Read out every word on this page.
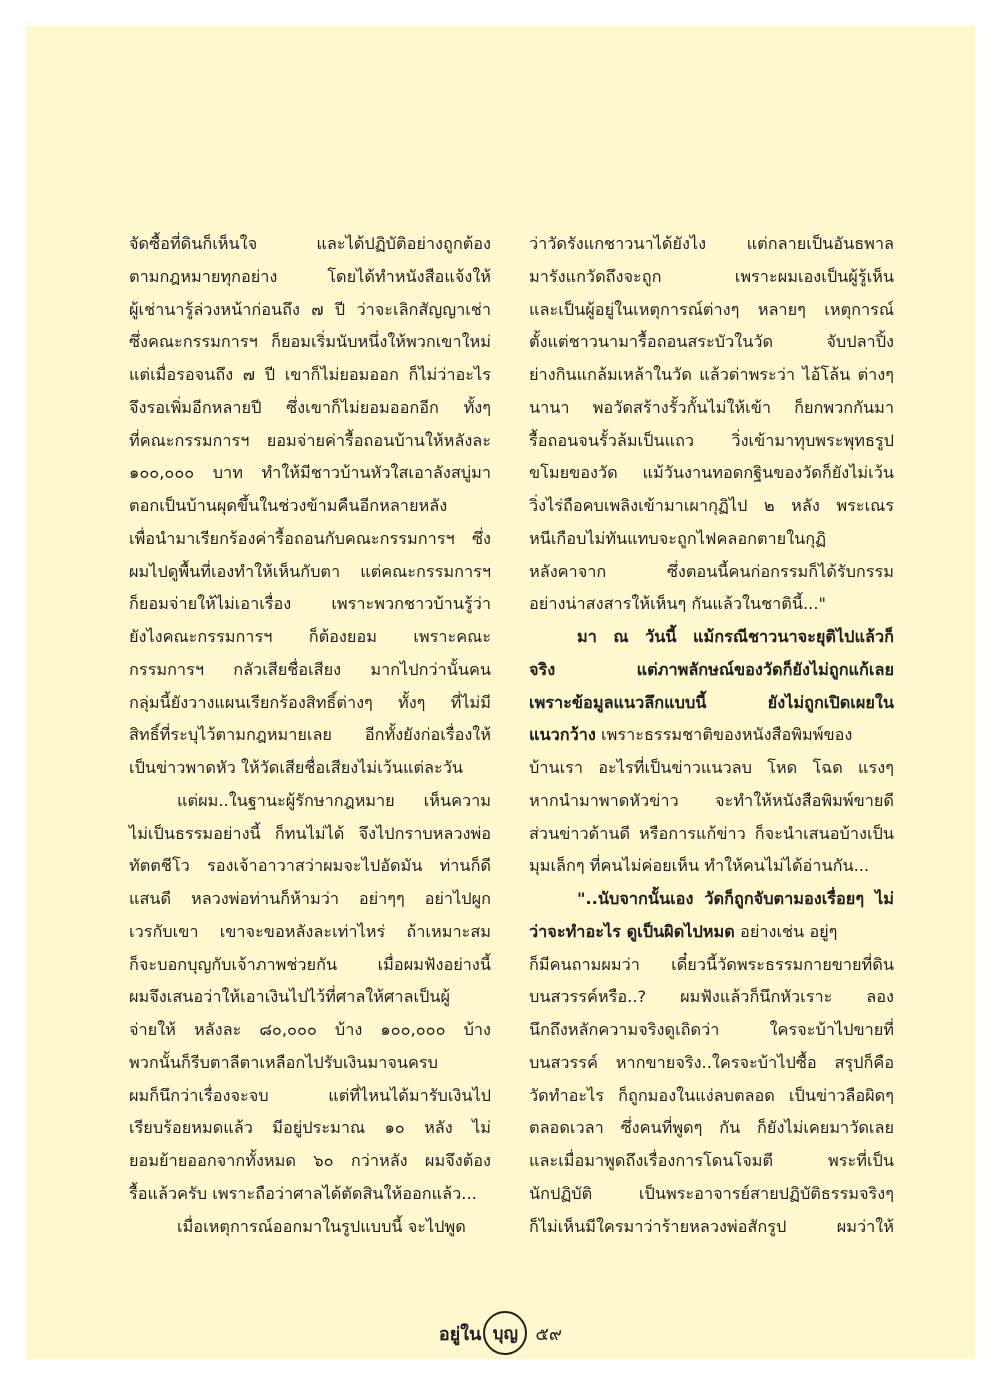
จัดซื้อที่ดินก็เห็นใจ และได้ปฏิบัติอย่างถูกต้อง
ตามกฎหมายทุกอย่าง โดยได้ทำหนังสือแจ้งให้
ผู้เช่านารู้ล่วงหน้าก่อนถึง ๗ ปี ว่าจะเลิกสัญญาเช่า
ซึ่งคณะกรรมการฯ ก็ยอมเริ่มนับหนึ่งให้พวกเขาใหม่
แต่เมื่อรอจนถึง ๗ ปี เขาก็ไม่ยอมออก ก็ไม่ว่าอะไร
จึงรอเพิ่มอีกหลายปี ซึ่งเขาก็ไม่ยอมออกอีก ทั้งๆ
ที่คณะกรรมการฯ ยอมจ่ายค่ารื้อถอนบ้านให้หลังละ
๑๐๐,๐๐๐ บาท ทำให้มีชาวบ้านหัวใสเอาลังสบู่มา
ตอกเป็นบ้านผุดขึ้นในช่วงข้ามคืนอีกหลายหลัง
เพื่อนำมาเรียกร้องค่ารื้อถอนกับคณะกรรมการฯ ซึ่ง
ผมไปดูพื้นที่เองทำให้เห็นกับตา แต่คณะกรรมการฯ
ก็ยอมจ่ายให้ไม่เอาเรื่อง เพราะพวกชาวบ้านรู้ว่า
ยังไงคณะกรรมการฯ ก็ต้องยอม เพราะคณะ
กรรมการฯ กลัวเสียชื่อเสียง มากไปกว่านั้นคน
กลุ่มนี้ยังวางแผนเรียกร้องสิทธิ์ต่างๆ ทั้งๆ ที่ไม่มี
สิทธิ์ที่ระบุไว้ตามกฎหมายเลย อีกทั้งยังก่อเรื่องให้
เป็นข่าวพาดหัว ให้วัดเสียชื่อเสียงไม่เว้นแต่ละวัน
แต่ผม..ในฐานะผู้รักษากฎหมาย เห็นความ
ไม่เป็นธรรมอย่างนี้ ก็ทนไม่ได้ จึงไปกราบหลวงพ่อ
ทัตตชีโว รองเจ้าอาวาสว่าผมจะไปอัดมัน ท่านก็ดี
แสนดี หลวงพ่อท่านก็ห้ามว่า อย่าๆๆ อย่าไปผูก
เวรกับเขา เขาจะขอหลังละเท่าไหร่ ถ้าเหมาะสม
ก็จะบอกบุญกับเจ้าภาพช่วยกัน เมื่อผมฟังอย่างนี้
ผมจึงเสนอว่าให้เอาเงินไปไว้ที่ศาลให้ศาลเป็นผู้
จ่ายให้ หลังละ ๘๐,๐๐๐ บ้าง ๑๐๐,๐๐๐ บ้าง
พวกนั้นก็รีบตาลีตาเหลือกไปรับเงินมาจนครบ
ผมก็นึกว่าเรื่องจะจบ แต่ที่ไหนได้มารับเงินไป
เรียบร้อยหมดแล้ว มีอยู่ประมาณ ๑๐ หลัง ไม่
ยอมย้ายออกจากทั้งหมด ๖๐ กว่าหลัง ผมจึงต้อง
รื้อแล้วครับ เพราะถือว่าศาลได้ตัดสินให้ออกแล้ว...
เมื่อเหตุการณ์ออกมาในรูปแบบนี้ จะไปพูด
ว่าวัดรังแกชาวนาได้ยังไง แต่กลายเป็นอันธพาล
มารังแกวัดถึงจะถูก เพราะผมเองเป็นผู้รู้เห็น
และเป็นผู้อยู่ในเหตุการณ์ต่างๆ หลายๆ เหตุการณ์
ตั้งแต่ชาวนามารื้อถอนสระบัวในวัด จับปลาปิ้ง
ย่างกินแกล้มเหล้าในวัด แล้วด่าพระว่า ไอ้โล้น ต่างๆ
นานา พอวัดสร้างรั้วกั้นไม่ให้เข้า ก็ยกพวกกันมา
รื้อถอนจนรั้วล้มเป็นแถว วิ่งเข้ามาทุบพระพุทธรูป
ขโมยของวัด แม้วันงานทอดกฐินของวัดก็ยังไม่เว้น
วิ่งไร่ถือคบเพลิงเข้ามาเผากุฏิไป ๒ หลัง พระเณร
หนีเกือบไม่ทันแทบจะถูกไฟคลอกตายในกุฏิ
หลังคาจาก ซึ่งตอนนี้คนก่อกรรมก็ได้รับกรรม
อย่างน่าสงสารให้เห็นๆ กันแล้วในชาตินี้..."
มา ณ วันนี้ แม้กรณีชาวนาจะยุติไปแล้วก็
จริง แต่ภาพลักษณ์ของวัดก็ยังไม่ถูกแก้เลย
เพราะข้อมูลแนวลึกแบบนี้ ยังไม่ถูกเปิดเผยใน
แนวกว้าง เพราะธรรมชาติของหนังสือพิมพ์ของ
บ้านเรา อะไรที่เป็นข่าวแนวลบ โหด โฉด แรงๆ
หากนำมาพาดหัวข่าว จะทำให้หนังสือพิมพ์ขายดี
ส่วนข่าวด้านดี หรือการแก้ข่าว ก็จะนำเสนอบ้างเป็น
มุมเล็กๆ ที่คนไม่ค่อยเห็น ทำให้คนไม่ได้อ่านกัน...
"..นับจากนั้นเอง วัดก็ถูกจับตามองเรื่อยๆ ไม่
ว่าจะทำอะไร ดูเป็นผิดไปหมด อย่างเช่น อยู่ๆ
ก็มีคนถามผมว่า เดี๋ยวนี้วัดพระธรรมกายขายที่ดิน
บนสวรรค์หรือ..? ผมฟังแล้วก็นึกหัวเราะ ลอง
นึกถึงหลักความจริงดูเถิดว่า ใครจะบ้าไปขายที่
บนสวรรค์ หากขายจริง..ใครจะบ้าไปซื้อ สรุปก็คือ
วัดทำอะไร ก็ถูกมองในแง่ลบตลอด เป็นข่าวลือผิดๆ
ตลอดเวลา ซึ่งคนที่พูดๆ กัน ก็ยังไม่เคยมาวัดเลย
และเมื่อมาพูดถึงเรื่องการโดนโจมตี พระที่เป็น
นักปฏิบัติ เป็นพระอาจารย์สายปฏิบัติธรรมจริงๆ
ก็ไม่เห็นมีใครมาว่าร้ายหลวงพ่อสักรูป ผมว่าให้
อยู่ใน บุญ ๕๙
